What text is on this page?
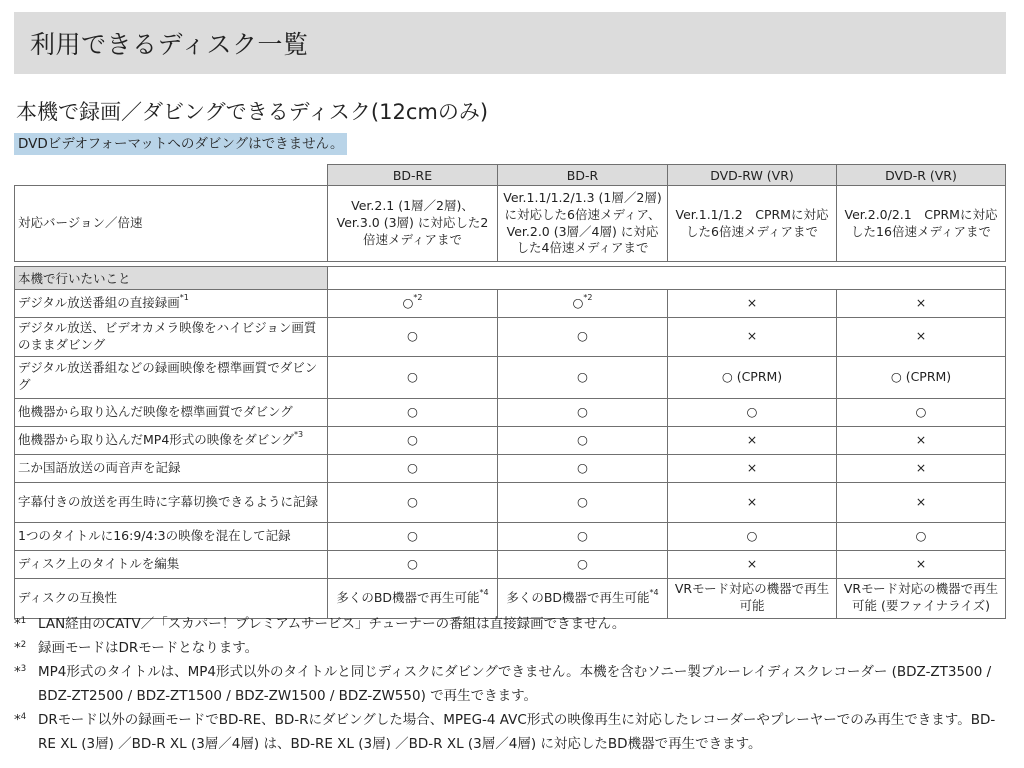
利用できるディスク一覧
本機で録画／ダビングできるディスク(12cmのみ)
DVDビデオフォーマットへのダビングはできません。
	BD-RE	BD-R	DVD-RW (VR)	DVD-R (VR)
対応バージョン／倍速	Ver.2.1 (1層／2層)、Ver.3.0 (3層) に対応した2倍速メディアまで	Ver.1.1/1.2/1.3 (1層／2層) に対応した6倍速メディア、Ver.2.0 (3層／4層) に対応した4倍速メディアまで	Ver.1.1/1.2　CPRMに対応した6倍速メディアまで	Ver.2.0/2.1　CPRMに対応した16倍速メディアまで

本機で行いたいこと				
デジタル放送番組の直接録画$^{*1}$	○$^{*2}$	○$^{*2}$	×	×
デジタル放送、ビデオカメラ映像をハイビジョン画質のままダビング	○	○	×	×
デジタル放送番組などの録画映像を標準画質でダビング	○	○	○ (CPRM)	○ (CPRM)
他機器から取り込んだ映像を標準画質でダビング	○	○	○	○
他機器から取り込んだMP4形式の映像をダビング$^{*3}$	○	○	×	×
二か国語放送の両音声を記録	○	○	×	×
字幕付きの放送を再生時に字幕切換できるように記録	○	○	×	×
1つのタイトルに16:9/4:3の映像を混在して記録	○	○	○	○
ディスク上のタイトルを編集	○	○	×	×
ディスクの互換性	多くのBD機器で再生可能$^{*4}$	多くのBD機器で再生可能$^{*4}$	VRモード対応の機器で再生可能	VRモード対応の機器で再生可能 (要ファイナライズ)
*$^1$ LAN経由のCATV／「スカパー！プレミアムサービス」チューナーの番組は直接録画できません。
*$^2$ 録画モードはDRモードとなります。
*$^3$ MP4形式のタイトルは、MP4形式以外のタイトルと同じディスクにダビングできません。本機を含むソニー製ブルーレイディスクレコーダー (BDZ-ZT3500 / BDZ-ZT2500 / BDZ-ZT1500 / BDZ-ZW1500 / BDZ-ZW550) で再生できます。
*$^4$ DRモード以外の録画モードでBD-RE、BD-Rにダビングした場合、MPEG-4 AVC形式の映像再生に対応したレコーダーやプレーヤーでのみ再生できます。BD-RE XL (3層) ／BD-R XL (3層／4層) は、BD-RE XL (3層) ／BD-R XL (3層／4層) に対応したBD機器で再生できます。
